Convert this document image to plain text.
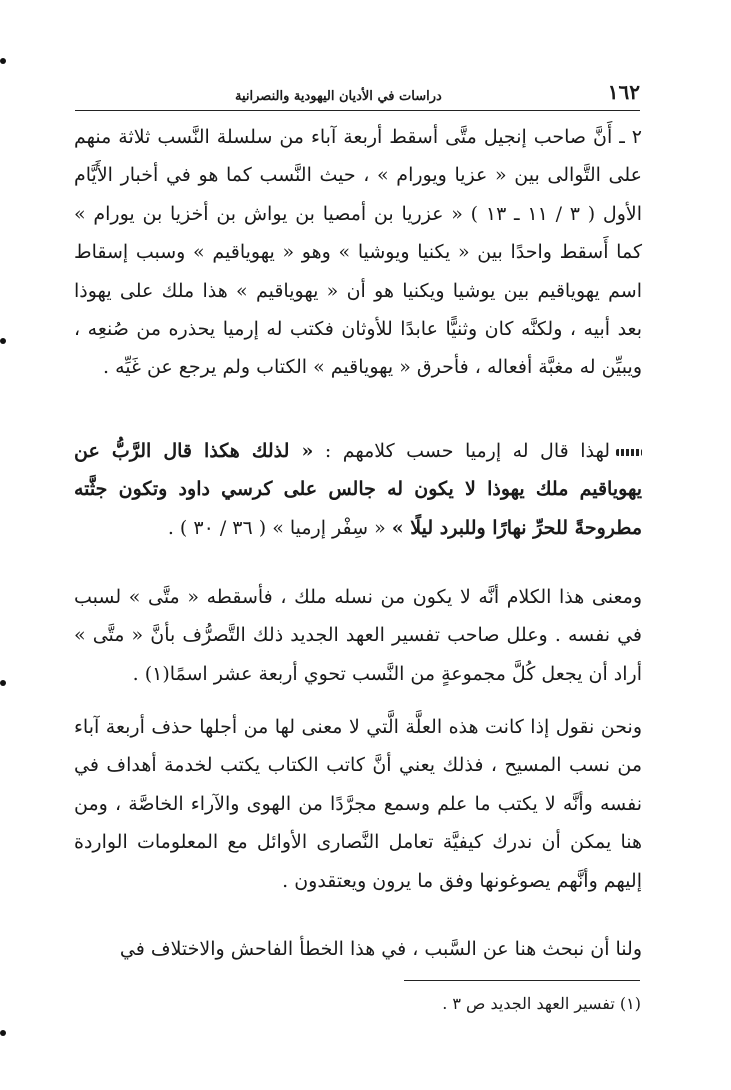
١٦٢
دراسات في الأديان اليهودية والنصرانية

٢ ـ أَنَّ صاحب إنجيل متَّى أسقط أربعة آباء من سلسلة النَّسب ثلاثة منهم على التَّوالى بين « عزيا ويورام » ، حيث النَّسب كما هو في أخبار الأَيَّام الأول ( ٣ / ١١ ـ ١٣ ) « عزريا بن أمصيا بن يواش بن أخزيا بن يورام » كما أَسقط واحدًا بين « يكنيا ويوشيا » وهو « يهوياقيم » وسبب إسقاط اسم يهوياقيم بين يوشيا ويكنيا هو أن « يهوياقيم » هذا ملك على يهوذا بعد أبيه ، ولكنَّه كان وثنيًّا عابدًا للأوثان فكتب له إرميا يحذره من صُنعِه ، ويبيِّن له مغبَّة أفعاله ، فأحرق « يهوياقيم » الكتاب ولم يرجع عن غَيِّه .

لهذا قال له إرميا حسب كلامهم : « لذلك هكذا قال الرَّبُّ عن يهوياقيم ملك يهوذا لا يكون له جالس على كرسي داود وتكون جثَّته مطروحةً للحرِّ نهارًا وللبرد ليلًا » « سِفْر إرميا » ( ٣٦ / ٣٠ ) .

ومعنى هذا الكلام أنَّه لا يكون من نسله ملك ، فأسقطه « متَّى » لسبب في نفسه . وعلل صاحب تفسير العهد الجديد ذلك التَّصرُّف بأنَّ « متَّى » أراد أن يجعل كُلَّ مجموعةٍ من النَّسب تحوي أربعة عشر اسمًا(١) .

ونحن نقول إذا كانت هذه العلَّة الَّتي لا معنى لها من أجلها حذف أربعة آباء من نسب المسيح ، فذلك يعني أنَّ كاتب الكتاب يكتب لخدمة أهداف في نفسه وأنَّه لا يكتب ما علم وسمع مجرَّدًا من الهوى والآراء الخاصَّة ، ومن هنا يمكن أن ندرك كيفيَّة تعامل النَّصارى الأوائل مع المعلومات الواردة إليهم وأنَّهم يصوغونها وفق ما يرون ويعتقدون .

ولنا أن نبحث هنا عن السَّبب ، في هذا الخطأ الفاحش والاختلاف في

(١) تفسير العهد الجديد ص ٣ .
